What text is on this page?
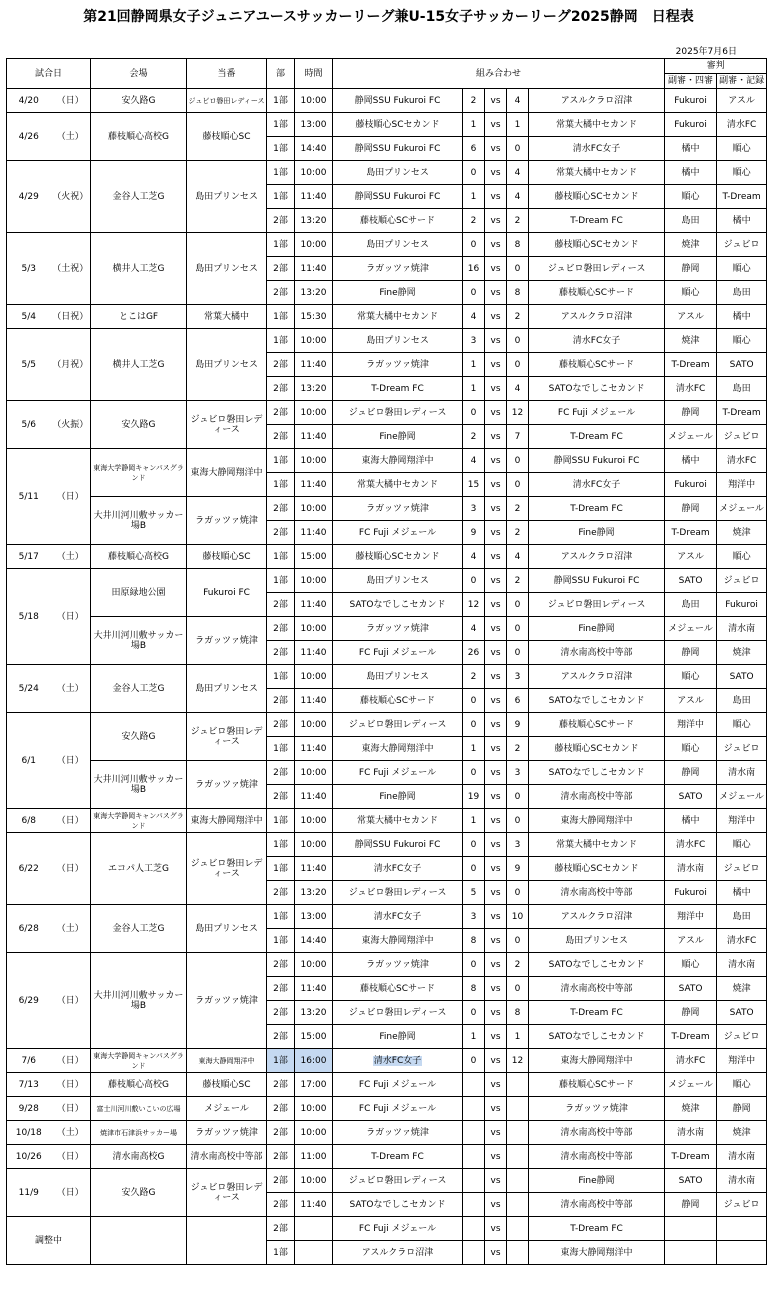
第21回静岡県女子ジュニアユースサッカーリーグ兼U-15女子サッカーリーグ2025静岡　日程表
2025年7月6日
試合日		会場	当番	部	時間	組み合わせ					審判	
											副審・四審	副審・記録
4/20	（日）	安久路G	ジュビロ磐田レディース	1部	10:00	静岡SSU Fukuroi FC	2	vs	4	アスルクラロ沼津	Fukuroi	アスル
4/26	（土）	藤枝順心高校G	藤枝順心SC	1部	13:00	藤枝順心SCセカンド	1	vs	1	常葉大橘中セカンド	Fukuroi	清水FC
				1部	14:40	静岡SSU Fukuroi FC	6	vs	0	清水FC女子	橘中	順心
4/29	（火祝）	金谷人工芝G	島田プリンセス	1部	10:00	島田プリンセス	0	vs	4	常葉大橘中セカンド	橘中	順心
				1部	11:40	静岡SSU Fukuroi FC	1	vs	4	藤枝順心SCセカンド	順心	T-Dream
				2部	13:20	藤枝順心SCサード	2	vs	2	T-Dream FC	島田	橘中
5/3	（土祝）	横井人工芝G	島田プリンセス	1部	10:00	島田プリンセス	0	vs	8	藤枝順心SCセカンド	焼津	ジュビロ
				2部	11:40	ラガッツァ焼津	16	vs	0	ジュビロ磐田レディース	静岡	順心
				2部	13:20	Fine静岡	0	vs	8	藤枝順心SCサード	順心	島田
5/4	（日祝）	とこはGF	常葉大橘中	1部	15:30	常葉大橘中セカンド	4	vs	2	アスルクラロ沼津	アスル	橘中
5/5	（月祝）	横井人工芝G	島田プリンセス	1部	10:00	島田プリンセス	3	vs	0	清水FC女子	焼津	順心
				2部	11:40	ラガッツァ焼津	1	vs	0	藤枝順心SCサード	T-Dream	SATO
				2部	13:20	T-Dream FC	1	vs	4	SATOなでしこセカンド	清水FC	島田
5/6	（火振）	安久路G	ジュビロ磐田レディース	2部	10:00	ジュビロ磐田レディース	0	vs	12	FC Fuji メジェール	静岡	T-Dream
				2部	11:40	Fine静岡	2	vs	7	T-Dream FC	メジェール	ジュビロ
5/11	（日）	東海大学静岡キャンパスグランド	東海大静岡翔洋中	1部	10:00	東海大静岡翔洋中	4	vs	0	静岡SSU Fukuroi FC	橘中	清水FC
				1部	11:40	常葉大橘中セカンド	15	vs	0	清水FC女子	Fukuroi	翔洋中
		大井川河川敷サッカー場B	ラガッツァ焼津	2部	10:00	ラガッツァ焼津	3	vs	2	T-Dream FC	静岡	メジェール
				2部	11:40	FC Fuji メジェール	9	vs	2	Fine静岡	T-Dream	焼津
5/17	（土）	藤枝順心高校G	藤枝順心SC	1部	15:00	藤枝順心SCセカンド	4	vs	4	アスルクラロ沼津	アスル	順心
5/18	（日）	田原緑地公園	Fukuroi FC	1部	10:00	島田プリンセス	0	vs	2	静岡SSU Fukuroi FC	SATO	ジュビロ
				2部	11:40	SATOなでしこセカンド	12	vs	0	ジュビロ磐田レディース	島田	Fukuroi
		大井川河川敷サッカー場B	ラガッツァ焼津	2部	10:00	ラガッツァ焼津	4	vs	0	Fine静岡	メジェール	清水南
				2部	11:40	FC Fuji メジェール	26	vs	0	清水南高校中等部	静岡	焼津
5/24	（土）	金谷人工芝G	島田プリンセス	1部	10:00	島田プリンセス	2	vs	3	アスルクラロ沼津	順心	SATO
				2部	11:40	藤枝順心SCサード	0	vs	6	SATOなでしこセカンド	アスル	島田
6/1	（日）	安久路G	ジュビロ磐田レディース	2部	10:00	ジュビロ磐田レディース	0	vs	9	藤枝順心SCサード	翔洋中	順心
				1部	11:40	東海大静岡翔洋中	1	vs	2	藤枝順心SCセカンド	順心	ジュビロ
		大井川河川敷サッカー場B	ラガッツァ焼津	2部	10:00	FC Fuji メジェール	0	vs	3	SATOなでしこセカンド	静岡	清水南
				2部	11:40	Fine静岡	19	vs	0	清水南高校中等部	SATO	メジェール
6/8	（日）	東海大学静岡キャンパスグランド	東海大静岡翔洋中	1部	10:00	常葉大橘中セカンド	1	vs	0	東海大静岡翔洋中	橘中	翔洋中
6/22	（日）	エコパ人工芝G	ジュビロ磐田レディース	1部	10:00	静岡SSU Fukuroi FC	0	vs	3	常葉大橘中セカンド	清水FC	順心
				1部	11:40	清水FC女子	0	vs	9	藤枝順心SCセカンド	清水南	ジュビロ
				2部	13:20	ジュビロ磐田レディース	5	vs	0	清水南高校中等部	Fukuroi	橘中
6/28	（土）	金谷人工芝G	島田プリンセス	1部	13:00	清水FC女子	3	vs	10	アスルクラロ沼津	翔洋中	島田
				1部	14:40	東海大静岡翔洋中	8	vs	0	島田プリンセス	アスル	清水FC
6/29	（日）	大井川河川敷サッカー場B	ラガッツァ焼津	2部	10:00	ラガッツァ焼津	0	vs	2	SATOなでしこセカンド	順心	清水南
				2部	11:40	藤枝順心SCサード	8	vs	0	清水南高校中等部	SATO	焼津
				2部	13:20	ジュビロ磐田レディース	0	vs	8	T-Dream FC	静岡	SATO
				2部	15:00	Fine静岡	1	vs	1	SATOなでしこセカンド	T-Dream	ジュビロ
7/6	（日）	東海大学静岡キャンパスグランド	東海大静岡翔洋中	1部	16:00	清水FC女子	0	vs	12	東海大静岡翔洋中	清水FC	翔洋中
7/13	（日）	藤枝順心高校G	藤枝順心SC	2部	17:00	FC Fuji メジェール		vs		藤枝順心SCサード	メジェール	順心
9/28	（日）	富士川河川敷いこいの広場	メジェール	2部	10:00	FC Fuji メジェール		vs		ラガッツァ焼津	焼津	静岡
10/18	（土）	焼津市石津浜サッカー場	ラガッツァ焼津	2部	10:00	ラガッツァ焼津		vs		清水南高校中等部	清水南	焼津
10/26	（日）	清水南高校G	清水南高校中等部	2部	11:00	T-Dream FC		vs		清水南高校中等部	T-Dream	清水南
11/9	（日）	安久路G	ジュビロ磐田レディース	2部	10:00	ジュビロ磐田レディース		vs		Fine静岡	SATO	清水南
				2部	11:40	SATOなでしこセカンド		vs		清水南高校中等部	静岡	ジュビロ
調整中				2部		FC Fuji メジェール		vs		T-Dream FC		
				1部		アスルクラロ沼津		vs		東海大静岡翔洋中		
